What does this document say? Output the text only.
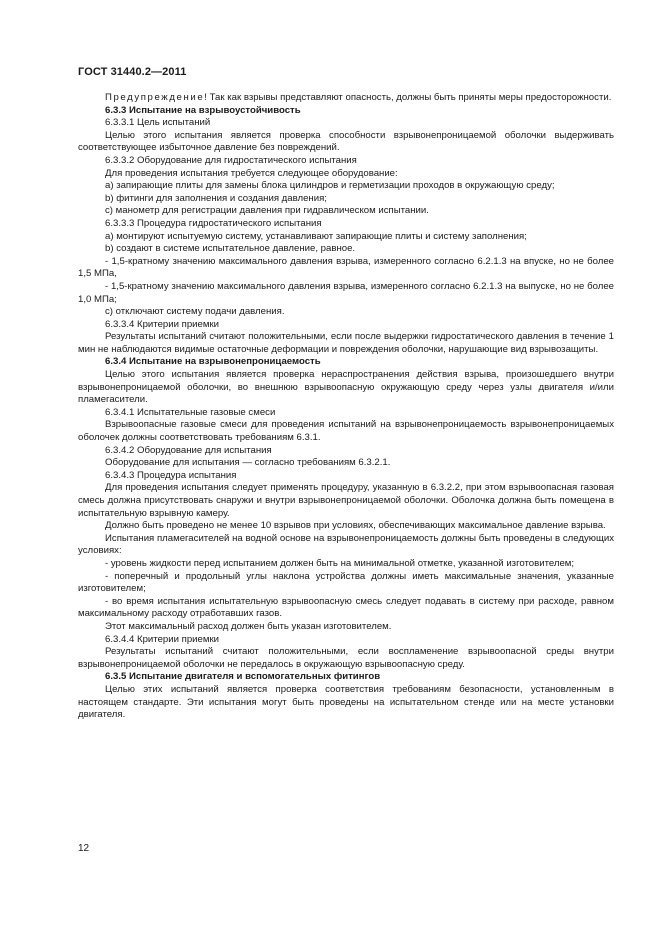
ГОСТ 31440.2—2011

Предупреждение! Так как взрывы представляют опасность, должны быть приняты меры предосторожности.

6.3.3 Испытание на взрывоустойчивость

6.3.3.1 Цель испытаний

Целью этого испытания является проверка способности взрывонепроницаемой оболочки выдерживать соответствующее избыточное давление без повреждений.

6.3.3.2 Оборудование для гидростатического испытания

Для проведения испытания требуется следующее оборудование:

a) запирающие плиты для замены блока цилиндров и герметизации проходов в окружающую среду;

b) фитинги для заполнения и создания давления;

c) манометр для регистрации давления при гидравлическом испытании.

6.3.3.3 Процедура гидростатического испытания

a) монтируют испытуемую систему, устанавливают запирающие плиты и систему заполнения;

b) создают в системе испытательное давление, равное.

- 1,5-кратному значению максимального давления взрыва, измеренного согласно 6.2.1.3 на впуске, но не более 1,5 МПа,

- 1,5-кратному значению максимального давления взрыва, измеренного согласно 6.2.1.3 на выпуске, но не более 1,0 МПа;

c) отключают систему подачи давления.

6.3.3.4 Критерии приемки

Результаты испытаний считают положительными, если после выдержки гидростатического давления в течение 1 мин не наблюдаются видимые остаточные деформации и повреждения оболочки, нарушающие вид взрывозащиты.

6.3.4 Испытание на взрывонепроницаемость

Целью этого испытания является проверка нераспространения действия взрыва, произошедшего внутри взрывонепроницаемой оболочки, во внешнюю взрывоопасную окружающую среду через узлы двигателя и/или пламегасители.

6.3.4.1 Испытательные газовые смеси

Взрывоопасные газовые смеси для проведения испытаний на взрывонепроницаемость взрывонепроницаемых оболочек должны соответствовать требованиям 6.3.1.

6.3.4.2 Оборудование для испытания

Оборудование для испытания — согласно требованиям 6.3.2.1.

6.3.4.3 Процедура испытания

Для проведения испытания следует применять процедуру, указанную в 6.3.2.2, при этом взрывоопасная газовая смесь должна присутствовать снаружи и внутри взрывонепроницаемой оболочки. Оболочка должна быть помещена в испытательную взрывную камеру.

Должно быть проведено не менее 10 взрывов при условиях, обеспечивающих максимальное давление взрыва.

Испытания пламегасителей на водной основе на взрывонепроницаемость должны быть проведены в следующих условиях:

- уровень жидкости перед испытанием должен быть на минимальной отметке, указанной изготовителем;

- поперечный и продольный углы наклона устройства должны иметь максимальные значения, указанные изготовителем;

- во время испытания испытательную взрывоопасную смесь следует подавать в систему при расходе, равном максимальному расходу отработавших газов.

Этот максимальный расход должен быть указан изготовителем.

6.3.4.4 Критерии приемки

Результаты испытаний считают положительными, если воспламенение взрывоопасной среды внутри взрывонепроницаемой оболочки не передалось в окружающую взрывоопасную среду.

6.3.5 Испытание двигателя и вспомогательных фитингов

Целью этих испытаний является проверка соответствия требованиям безопасности, установленным в настоящем стандарте. Эти испытания могут быть проведены на испытательном стенде или на месте установки двигателя.

12
